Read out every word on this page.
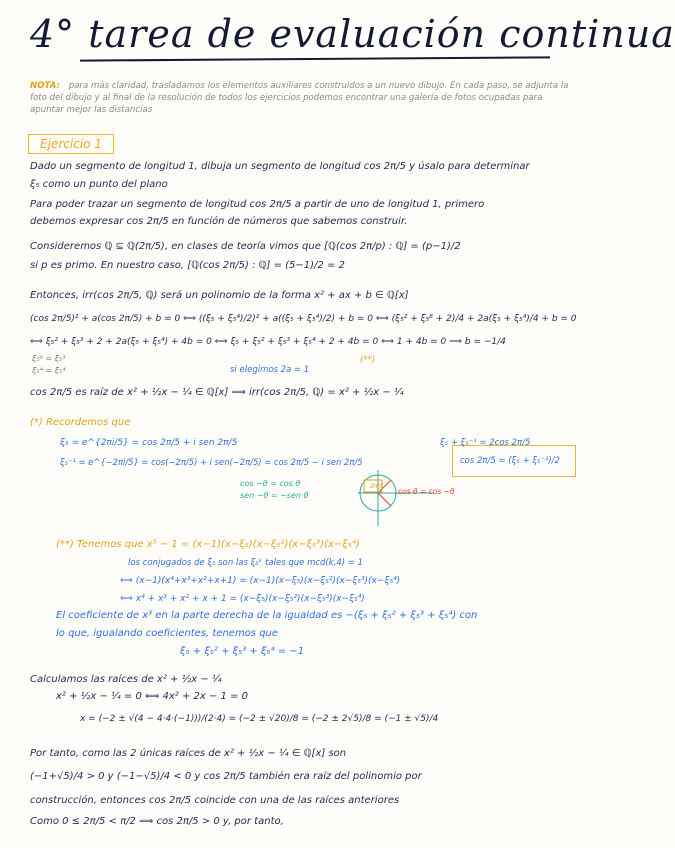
4° tarea de evaluación continua
NOTA: para más claridad, trasladamos los elementos auxiliares construidos a un nuevo dibujo. En cada paso, se adjunta la foto del dibujo y al final de la resolución de todos los ejercicios podemos encontrar una galería de fotos ocupadas para apuntar mejor las distancias
Ejercicio 1
Dado un segmento de longitud 1, dibuja un segmento de longitud cos 2π/5 y úsalo para determinar
ξ₅ como un punto del plano
Para poder trazar un segmento de longitud cos 2π/5 a partir de uno de longitud 1, primero
debemos expresar cos 2π/5 en función de números que sabemos construir.
Consideremos ℚ ⊆ ℚ(2π/5), en clases de teoría vimos que [ℚ(cos 2π/p) : ℚ] = (p−1)/2
si p es primo. En nuestro caso, [ℚ(cos 2π/5) : ℚ] = (5−1)/2 = 2
Entonces, irr(cos 2π/5, ℚ) será un polinomio de la forma x² + ax + b ∈ ℚ[x]
(cos 2π/5)² + a(cos 2π/5) + b = 0 ⟺ ((ξ₅ + ξ₅⁴)/2)² + a((ξ₅ + ξ₅⁴)/2) + b = 0 ⟺ (ξ₅² + ξ₅⁸ + 2)/4 + 2a(ξ₅ + ξ₅⁴)/4 + b = 0
⟺ ξ₅² + ξ₅³ + 2 + 2a(ξ₅ + ξ₅⁴) + 4b = 0 ⟺ ξ₅ + ξ₅² + ξ₅³ + ξ₅⁴ + 2 + 4b = 0 ⟺ 1 + 4b = 0 ⟹ b = −1/4
ξ₅⁸ = ξ₅³
ξ₅⁴ = ξ₅⁴	si elegimos 2a = 1
(**)
cos 2π/5 es raíz de x² + ½x − ¼ ∈ ℚ[x] ⟹ irr(cos 2π/5, ℚ) = x² + ½x − ¼
(*) Recordemos que
ξ₅ = e^{2πi/5} = cos 2π/5 + i sen 2π/5
ξ₅⁻¹ = e^{−2πi/5} = cos(−2π/5) + i sen(−2π/5) = cos 2π/5 − i sen 2π/5
cos −θ = cos θ
sen −θ = −sen θ
ξ₅ + ξ₅⁻¹ = 2cos 2π/5
cos 2π/5 = (ξ₅ + ξ₅⁻¹)/2
2π/5
cos θ = cos −θ
(**) Tenemos que x⁵ − 1 = (x−1)(x−ξ₅)(x−ξ₅²)(x−ξ₅³)(x−ξ₅⁴)
los conjugados de ξ₅ son las ξ₅ᵏ tales que mcd(k,4) = 1
⟺ (x−1)(x⁴+x³+x²+x+1) = (x−1)(x−ξ₅)(x−ξ₅²)(x−ξ₅³)(x−ξ₅⁴)
⟺ x⁴ + x³ + x² + x + 1 = (x−ξ₅)(x−ξ₅²)(x−ξ₅³)(x−ξ₅⁴)
El coeficiente de x³ en la parte derecha de la igualdad es −(ξ₅ + ξ₅² + ξ₅³ + ξ₅⁴) con
lo que, igualando coeficientes, tenemos que
ξ₅ + ξ₅² + ξ₅³ + ξ₅⁴ = −1
Calculamos las raíces de x² + ½x − ¼
x² + ½x − ¼ = 0 ⟺ 4x² + 2x − 1 = 0
x = (−2 ± √(4 − 4·4·(−1)))/(2·4) = (−2 ± √20)/8 = (−2 ± 2√5)/8 = (−1 ± √5)/4
Por tanto, como las 2 únicas raíces de x² + ½x − ¼ ∈ ℚ[x] son
(−1+√5)/4 > 0 y (−1−√5)/4 < 0 y cos 2π/5 también era raíz del polinomio por
construcción, entonces cos 2π/5 coincide con una de las raíces anteriores
Como 0 ≤ 2π/5 < π/2 ⟹ cos 2π/5 > 0 y, por tanto,
